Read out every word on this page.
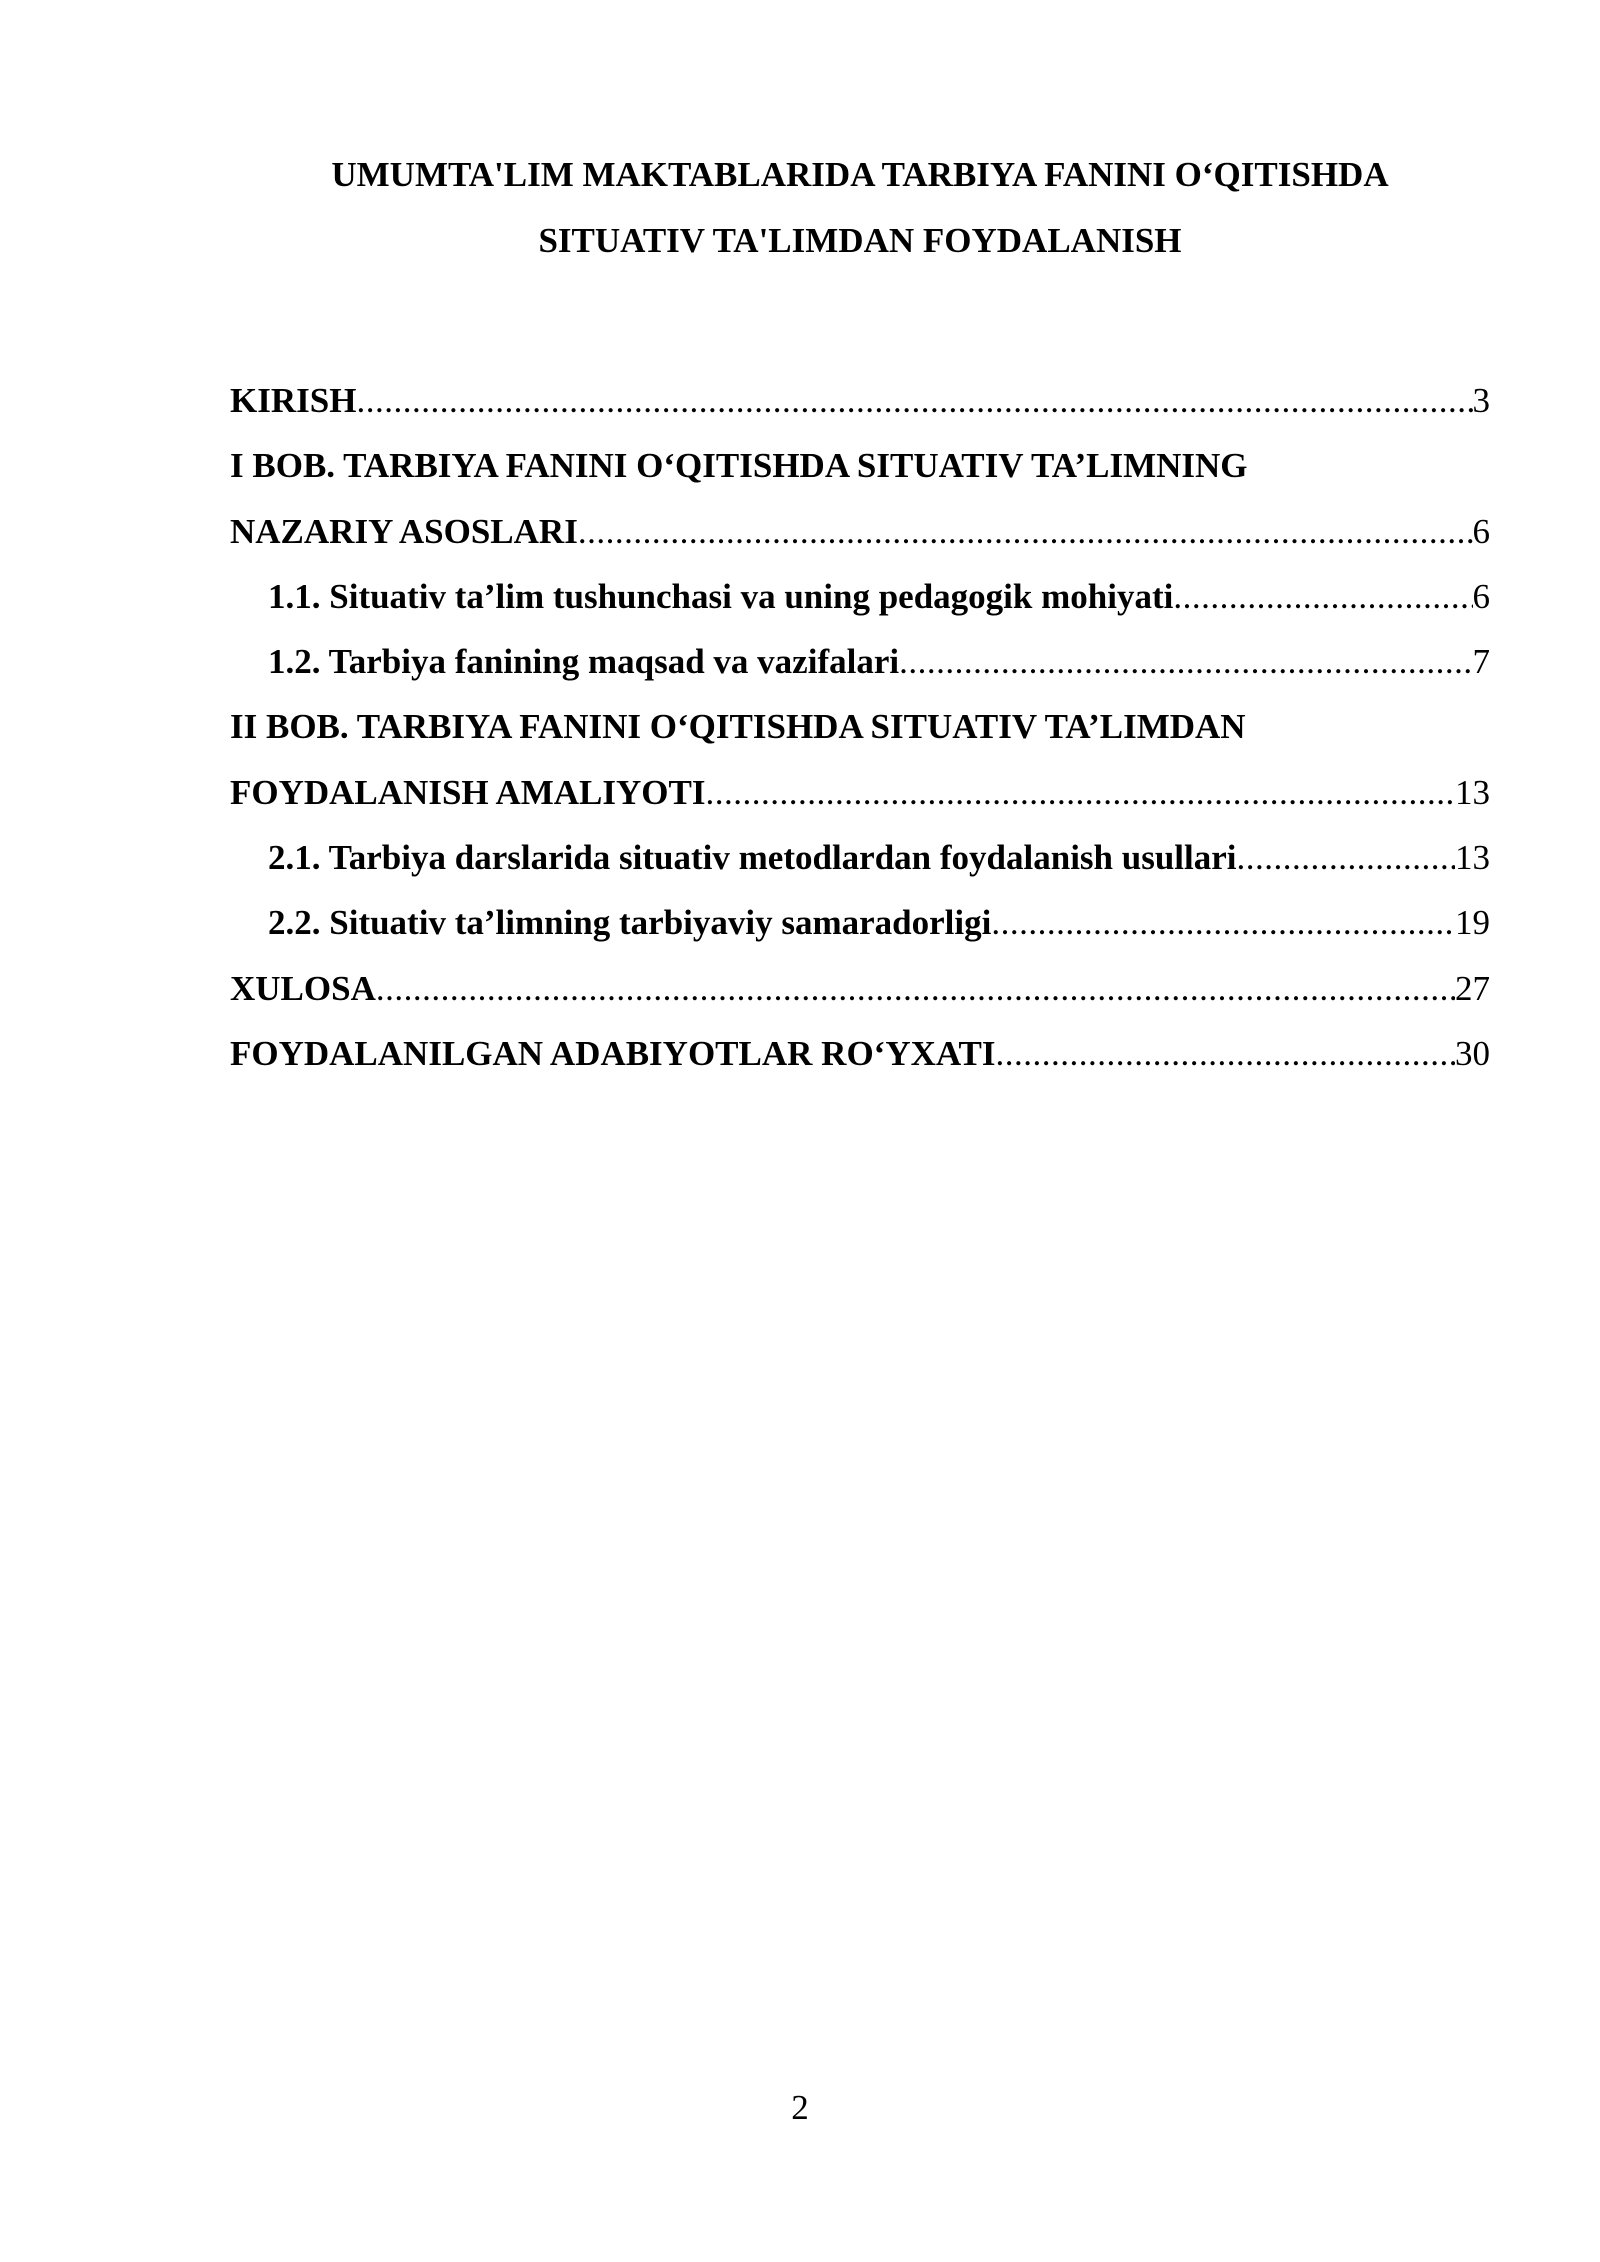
UMUMTA'LIM MAKTABLARIDA TARBIYA FANINI O‘QITISHDA
SITUATIV TA'LIMDAN FOYDALANISH
KIRISH .....	3
I BOB. TARBIYA FANINI O‘QITISHDA SITUATIV TA’LIMNING
NAZARIY ASOSLARI .....	6
1.1. Situativ ta’lim tushunchasi va uning pedagogik mohiyati .....	6
1.2. Tarbiya fanining maqsad va vazifalari .....	7
II BOB. TARBIYA FANINI O‘QITISHDA SITUATIV TA’LIMDAN
FOYDALANISH AMALIYOTI .....	13
2.1. Tarbiya darslarida situativ metodlardan foydalanish usullari .....	13
2.2. Situativ ta’limning tarbiyaviy samaradorligi .....	19
XULOSA .....	27
FOYDALANILGAN ADABIYOTLAR RO‘YXATI .....	30
2
